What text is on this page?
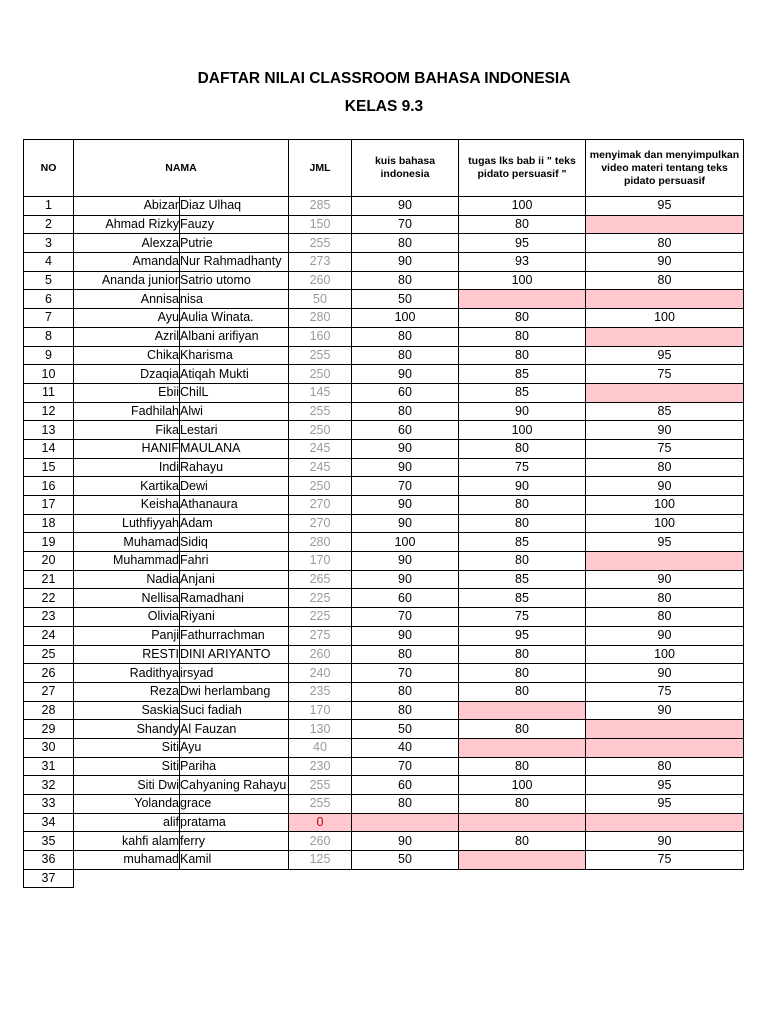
DAFTAR NILAI CLASSROOM BAHASA INDONESIA
KELAS 9.3
NO	NAMA		JML	kuis bahasa indonesia	tugas lks bab ii " teks pidato persuasif "	menyimak dan menyimpulkan video materi tentang teks pidato persuasif
1	Abizar	Diaz Ulhaq	285	90	100	95
2	Ahmad Rizky	Fauzy	150	70	80	
3	Alexza	Putrie	255	80	95	80
4	Amanda	Nur Rahmadhanty	273	90	93	90
5	Ananda junior	Satrio utomo	260	80	100	80
6	Annisa	nisa	50	50		
7	Ayu	Aulia Winata.	280	100	80	100
8	Azril	Albani arifiyan	160	80	80	
9	Chika	Kharisma	255	80	80	95
10	Dzaqia	Atiqah Mukti	250	90	85	75
11	Ebii	ChilL	145	60	85	
12	Fadhilah	Alwi	255	80	90	85
13	Fika	Lestari	250	60	100	90
14	HANIF	MAULANA	245	90	80	75
15	Indi	Rahayu	245	90	75	80
16	Kartika	Dewi	250	70	90	90
17	Keisha	Athanaura	270	90	80	100
18	Luthfiyyah	Adam	270	90	80	100
19	Muhamad	Sidiq	280	100	85	95
20	Muhammad	Fahri	170	90	80	
21	Nadia	Anjani	265	90	85	90
22	Nellisa	Ramadhani	225	60	85	80
23	Olivia	Riyani	225	70	75	80
24	Panji	Fathurrachman	275	90	95	90
25	RESTI	DINI ARIYANTO	260	80	80	100
26	Radithya	irsyad	240	70	80	90
27	Reza	Dwi herlambang	235	80	80	75
28	Saskia	Suci fadiah	170	80		90
29	Shandy	Al Fauzan	130	50	80	
30	Siti	Ayu	40	40		
31	Siti	Pariha	230	70	80	80
32	Siti Dwi	Cahyaning Rahayu	255	60	100	95
33	Yolanda	grace	255	80	80	95
34	alif	pratama	0			
35	kahfi alam	ferry	260	90	80	90
36	muhamad	Kamil	125	50		75
37						
